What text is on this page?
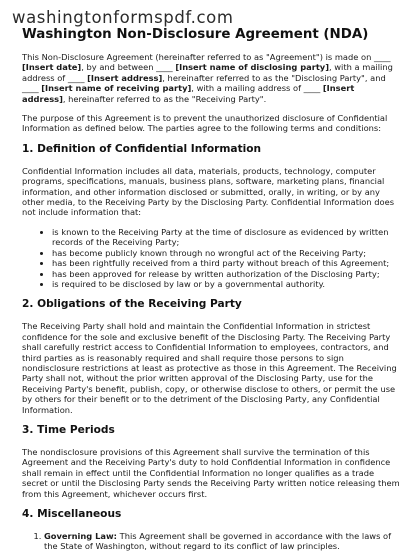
washingtonformspdf.com
Washington Non-Disclosure Agreement (NDA)

This Non-Disclosure Agreement (hereinafter referred to as "Agreement") is made on ____ [Insert date], by and between ____ [Insert name of disclosing party], with a mailing address of ____ [Insert address], hereinafter referred to as the "Disclosing Party", and ____ [Insert name of receiving party], with a mailing address of ____ [Insert address], hereinafter referred to as the "Receiving Party".

The purpose of this Agreement is to prevent the unauthorized disclosure of Confidential Information as defined below. The parties agree to the following terms and conditions:

1. Definition of Confidential Information

Confidential Information includes all data, materials, products, technology, computer programs, specifications, manuals, business plans, software, marketing plans, financial information, and other information disclosed or submitted, orally, in writing, or by any other media, to the Receiving Party by the Disclosing Party. Confidential Information does not include information that:

• is known to the Receiving Party at the time of disclosure as evidenced by written records of the Receiving Party;
• has become publicly known through no wrongful act of the Receiving Party;
• has been rightfully received from a third party without breach of this Agreement;
• has been approved for release by written authorization of the Disclosing Party;
• is required to be disclosed by law or by a governmental authority.
2. Obligations of the Receiving Party

The Receiving Party shall hold and maintain the Confidential Information in strictest confidence for the sole and exclusive benefit of the Disclosing Party. The Receiving Party shall carefully restrict access to Confidential Information to employees, contractors, and third parties as is reasonably required and shall require those persons to sign nondisclosure restrictions at least as protective as those in this Agreement. The Receiving Party shall not, without the prior written approval of the Disclosing Party, use for the Receiving Party's benefit, publish, copy, or otherwise disclose to others, or permit the use by others for their benefit or to the detriment of the Disclosing Party, any Confidential Information.

3. Time Periods

The nondisclosure provisions of this Agreement shall survive the termination of this Agreement and the Receiving Party's duty to hold Confidential Information in confidence shall remain in effect until the Confidential Information no longer qualifies as a trade secret or until the Disclosing Party sends the Receiving Party written notice releasing them from this Agreement, whichever occurs first.

4. Miscellaneous
1. Governing Law: This Agreement shall be governed in accordance with the laws of the State of Washington, without regard to its conflict of law principles.
